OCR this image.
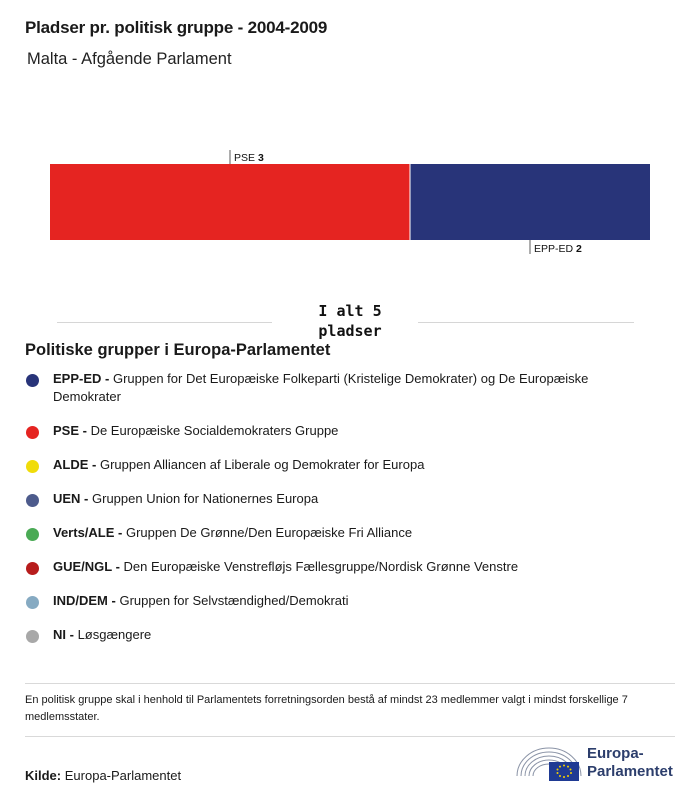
Pladser pr. politisk gruppe - 2004-2009
Malta - Afgående Parlament
PSE 3
EPP-ED 2
I alt 5 pladser
Politiske grupper i Europa-Parlamentet
EPP-ED - Gruppen for Det Europæiske Folkeparti (Kristelige Demokrater) og De Europæiske Demokrater
PSE - De Europæiske Socialdemokraters Gruppe
ALDE - Gruppen Alliancen af Liberale og Demokrater for Europa
UEN - Gruppen Union for Nationernes Europa
Verts/ALE - Gruppen De Grønne/Den Europæiske Fri Alliance
GUE/NGL - Den Europæiske Venstrefløjs Fællesgruppe/Nordisk Grønne Venstre
IND/DEM - Gruppen for Selvstændighed/Demokrati
NI - Løsgængere
En politisk gruppe skal i henhold til Parlamentets forretningsorden bestå af mindst 23 medlemmer valgt i mindst forskellige 7 medlemsstater.
Kilde: Europa-Parlamentet
Europa-
Parlamentet
